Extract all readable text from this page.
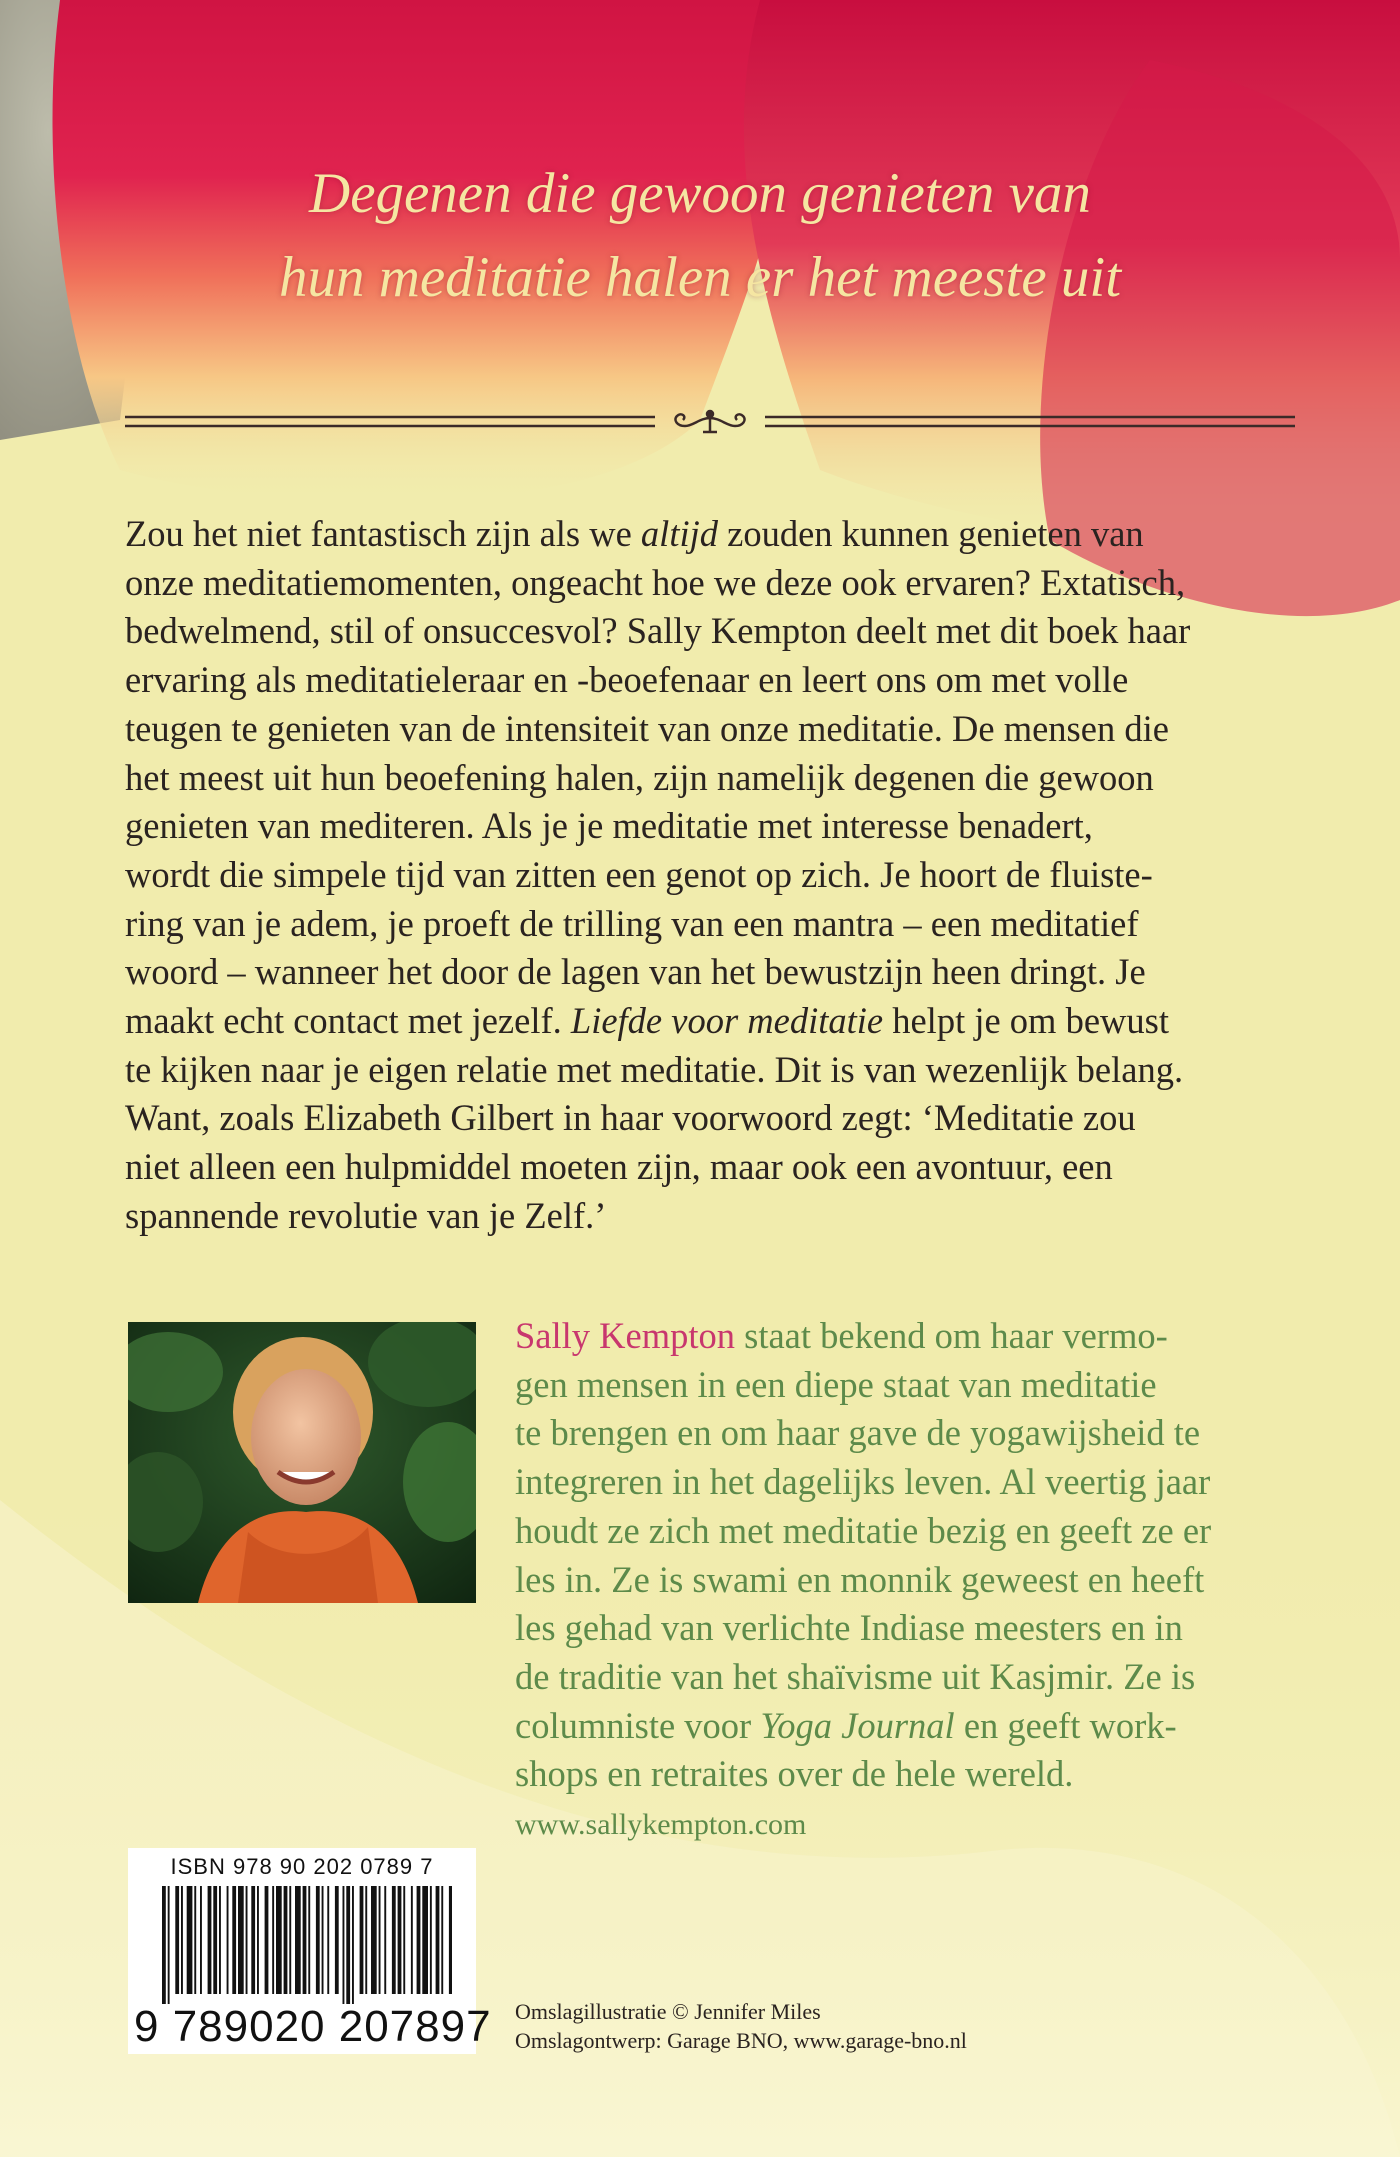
Degenen die gewoon genieten van
hun meditatie halen er het meeste uit
Zou het niet fantastisch zijn als we altijd zouden kunnen genieten van
onze meditatiemomenten, ongeacht hoe we deze ook ervaren? Extatisch,
bedwelmend, stil of onsuccesvol? Sally Kempton deelt met dit boek haar
ervaring als meditatieleraar en -beoefenaar en leert ons om met volle
teugen te genieten van de intensiteit van onze meditatie. De mensen die
het meest uit hun beoefening halen, zijn namelijk degenen die gewoon
genieten van mediteren. Als je je meditatie met interesse benadert,
wordt die simpele tijd van zitten een genot op zich. Je hoort de fluiste-
ring van je adem, je proeft de trilling van een mantra – een meditatief
woord – wanneer het door de lagen van het bewustzijn heen dringt. Je
maakt echt contact met jezelf. Liefde voor meditatie helpt je om bewust
te kijken naar je eigen relatie met meditatie. Dit is van wezenlijk belang.
Want, zoals Elizabeth Gilbert in haar voorwoord zegt: ‘Meditatie zou
niet alleen een hulpmiddel moeten zijn, maar ook een avontuur, een
spannende revolutie van je Zelf.’
Sally Kempton staat bekend om haar vermo-
gen mensen in een diepe staat van meditatie
te brengen en om haar gave de yogawijsheid te
integreren in het dagelijks leven. Al veertig jaar
houdt ze zich met meditatie bezig en geeft ze er
les in. Ze is swami en monnik geweest en heeft
les gehad van verlichte Indiase meesters en in
de traditie van het shaïvisme uit Kasjmir. Ze is
columniste voor Yoga Journal en geeft work-
shops en retraites over de hele wereld.
www.sallykempton.com
ISBN 978 90 202 0789 7
9 789020 207897 Omslagillustratie © Jennifer Miles
Omslagontwerp: Garage BNO, www.garage-bno.nl
